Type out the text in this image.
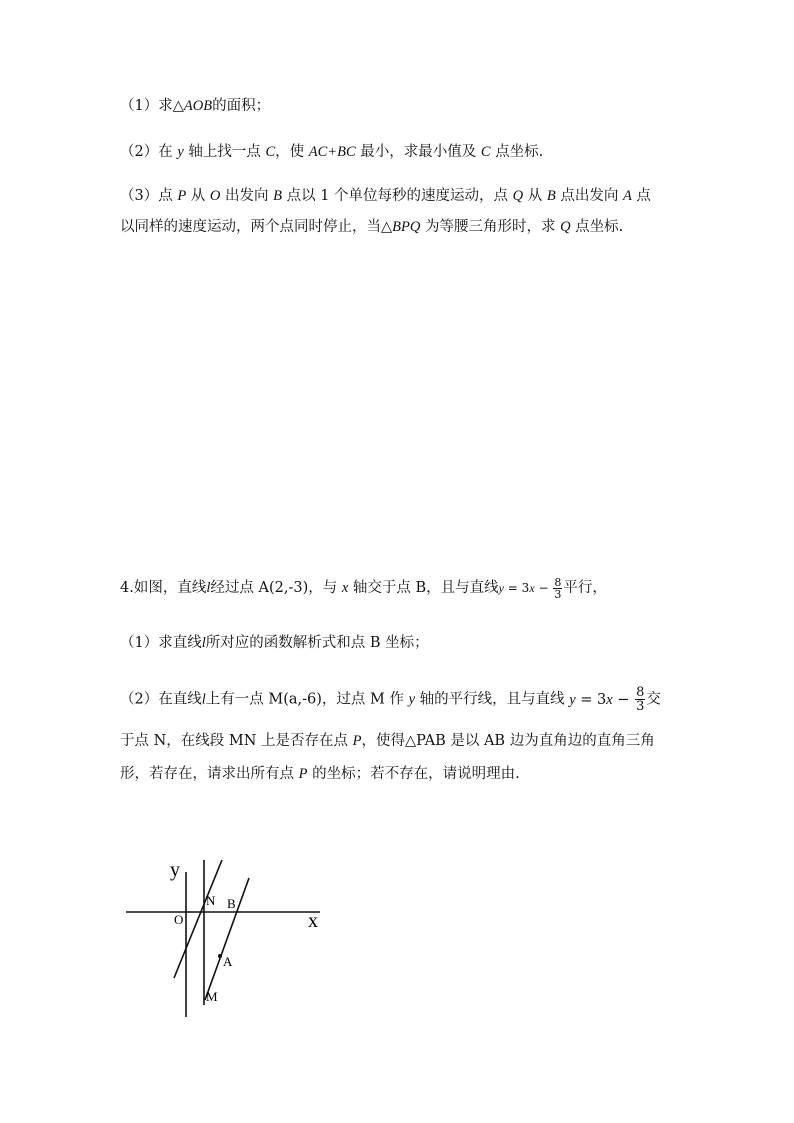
（1）求△AOB的面积；
（2）在 y 轴上找一点 C，使 AC+BC 最小，求最小值及 C 点坐标.
（3）点 P 从 O 出发向 B 点以 1 个单位每秒的速度运动，点 Q 从 B 点出发向 A 点
以同样的速度运动，两个点同时停止，当△BPQ 为等腰三角形时，求 Q 点坐标.
4.如图，直线l经过点 A(2,-3)，与 x 轴交于点 B，且与直线$y = 3x - \frac{8}{3}$ 平行，
（1）求直线l所对应的函数解析式和点 B 坐标；
（2）在直线l上有一点 M(a,-6)，过点 M 作 y 轴的平行线，且与直线 $y = 3x - \frac{8}{3}$ 交
于点 N，在线段 MN 上是否存在点 P，使得△PAB 是以 AB 边为直角边的直角三角
形，若存在，请求出所有点 P 的坐标；若不存在，请说明理由.
y
x
O
N B
A
M
